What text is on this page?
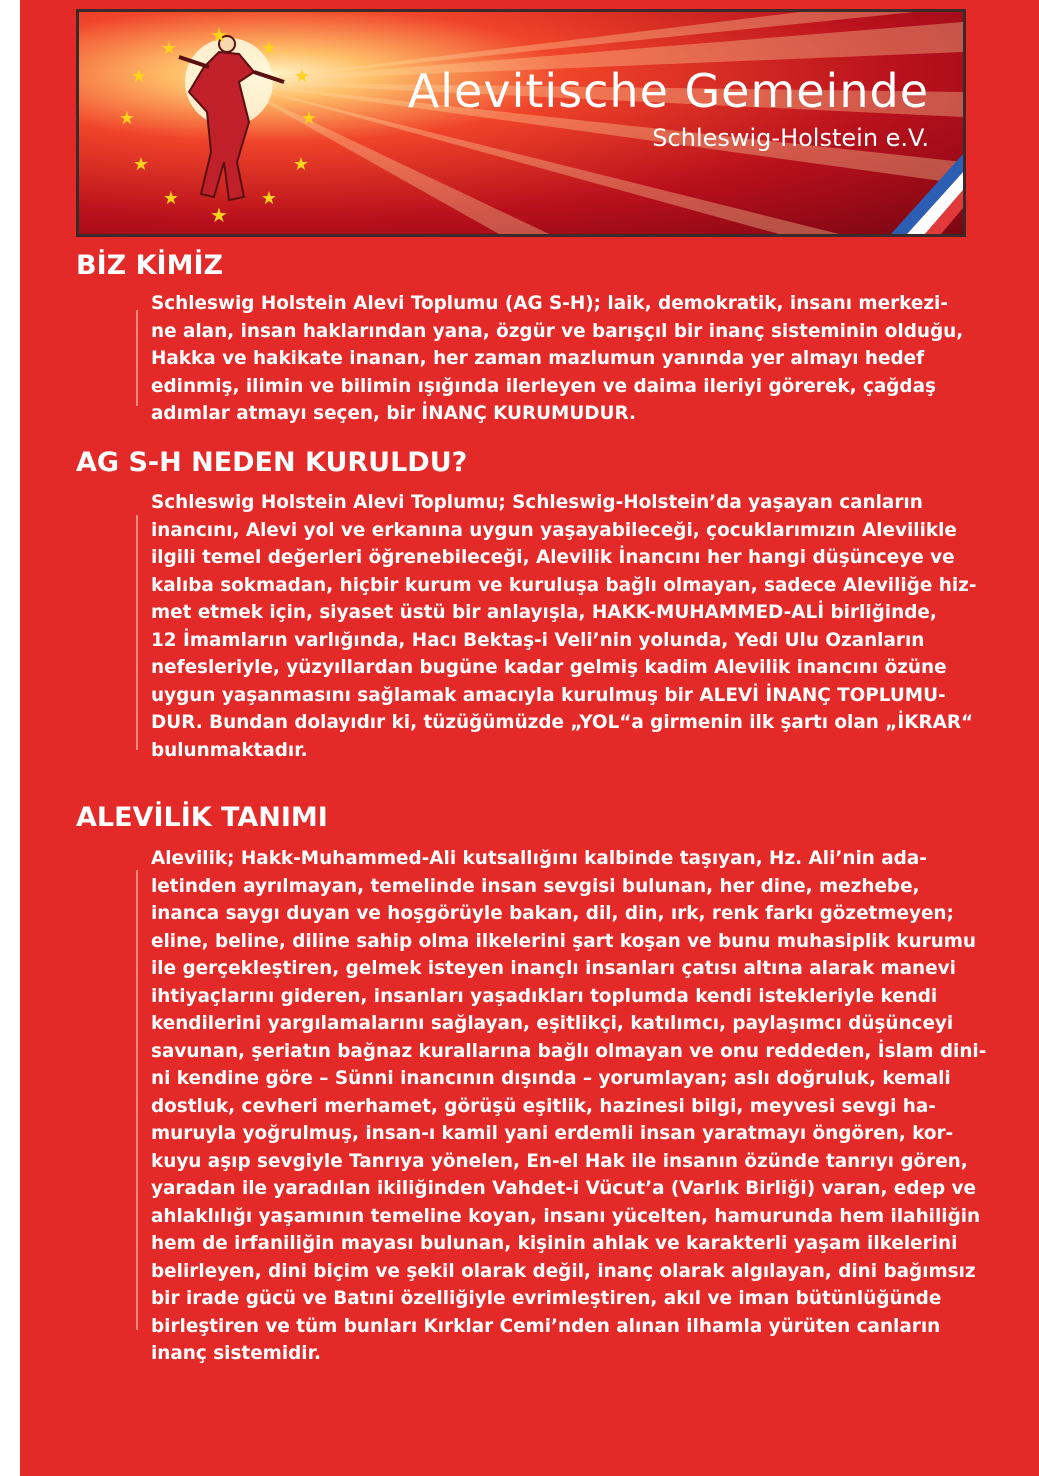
★
★	★
★	★
★	★
★	★
★	★
★
Alevitische Gemeinde
Schleswig-Holstein e.V.
BİZ KİMİZ
Schleswig Holstein Alevi Toplumu (AG S-H); laik, demokratik, insanı merkezi-
ne alan, insan haklarından yana, özgür ve barışçıl bir inanç sisteminin olduğu,
Hakka ve hakikate inanan, her zaman mazlumun yanında yer almayı hedef
edinmiş, ilimin ve bilimin ışığında ilerleyen ve daima ileriyi görerek, çağdaş
adımlar atmayı seçen, bir İNANÇ KURUMUDUR.
AG S-H NEDEN KURULDU?
Schleswig Holstein Alevi Toplumu; Schleswig-Holstein’da yaşayan canların
inancını, Alevi yol ve erkanına uygun yaşayabileceği, çocuklarımızın Alevilikle
ilgili temel değerleri öğrenebileceği, Alevilik İnancını her hangi düşünceye ve
kalıba sokmadan, hiçbir kurum ve kuruluşa bağlı olmayan, sadece Aleviliğe hiz-
met etmek için, siyaset üstü bir anlayışla, HAKK-MUHAMMED-ALİ birliğinde,
12 İmamların varlığında, Hacı Bektaş-i Veli’nin yolunda, Yedi Ulu Ozanların
nefesleriyle, yüzyıllardan bugüne kadar gelmiş kadim Alevilik inancını özüne
uygun yaşanmasını sağlamak amacıyla kurulmuş bir ALEVİ İNANÇ TOPLUMU-
DUR. Bundan dolayıdır ki, tüzüğümüzde „YOL“a girmenin ilk şartı olan „İKRAR“
bulunmaktadır.
ALEVİLİK TANIMI
Alevilik; Hakk-Muhammed-Ali kutsallığını kalbinde taşıyan, Hz. Ali’nin ada-
letinden ayrılmayan, temelinde insan sevgisi bulunan, her dine, mezhebe,
inanca saygı duyan ve hoşgörüyle bakan, dil, din, ırk, renk farkı gözetmeyen;
eline, beline, diline sahip olma ilkelerini şart koşan ve bunu muhasiplik kurumu
ile gerçekleştiren, gelmek isteyen inançlı insanları çatısı altına alarak manevi
ihtiyaçlarını gideren, insanları yaşadıkları toplumda kendi istekleriyle kendi
kendilerini yargılamalarını sağlayan, eşitlikçi, katılımcı, paylaşımcı düşünceyi
savunan, şeriatın bağnaz kurallarına bağlı olmayan ve onu reddeden, İslam dini-
ni kendine göre – Sünni inancının dışında – yorumlayan; aslı doğruluk, kemali
dostluk, cevheri merhamet, görüşü eşitlik, hazinesi bilgi, meyvesi sevgi ha-
muruyla yoğrulmuş, insan-ı kamil yani erdemli insan yaratmayı öngören, kor-
kuyu aşıp sevgiyle Tanrıya yönelen, En-el Hak ile insanın özünde tanrıyı gören,
yaradan ile yaradılan ikiliğinden Vahdet-i Vücut’a (Varlık Birliği) varan, edep ve
ahlaklılığı yaşamının temeline koyan, insanı yücelten, hamurunda hem ilahiliğin
hem de irfaniliğin mayası bulunan, kişinin ahlak ve karakterli yaşam ilkelerini
belirleyen, dini biçim ve şekil olarak değil, inanç olarak algılayan, dini bağımsız
bir irade gücü ve Batıni özelliğiyle evrimleştiren, akıl ve iman bütünlüğünde
birleştiren ve tüm bunları Kırklar Cemi’nden alınan ilhamla yürüten canların
inanç sistemidir.
